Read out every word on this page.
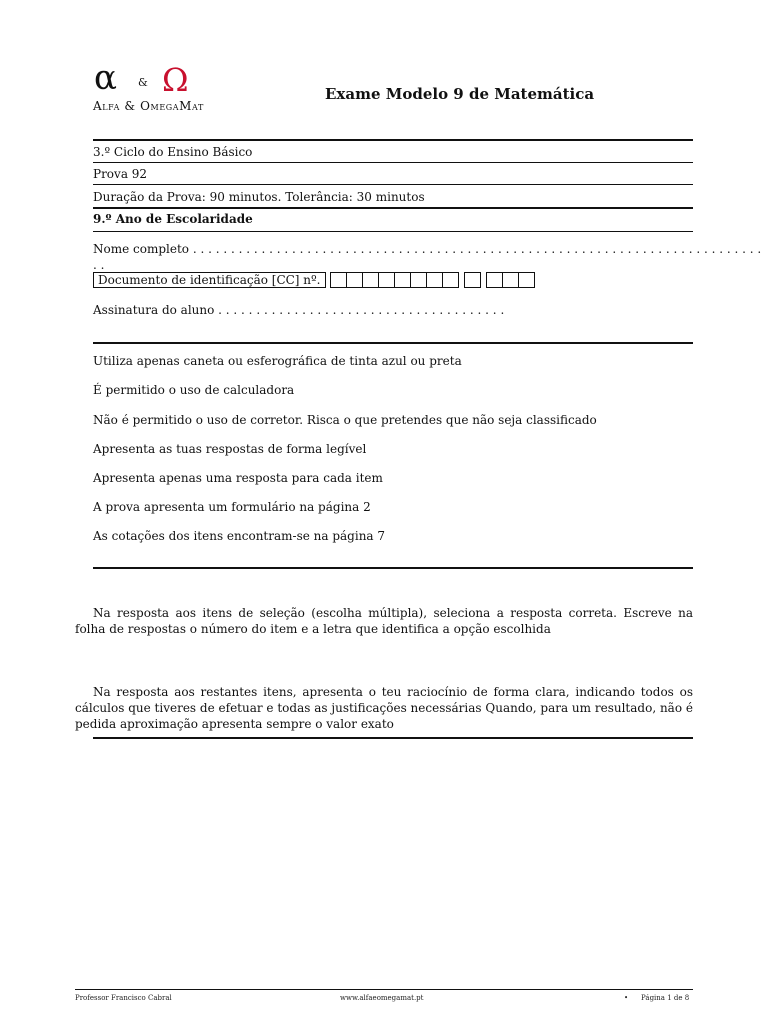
α & Ω
Alfa & OmegaMat
Exame Modelo 9 de Matemática
3.º Ciclo do Ensino Básico
Prova 92
Duração da Prova: 90 minutos. Tolerância: 30 minutos
9.º Ano de Escolaridade
Nome completo . . . . . . . . . . . . . . . . . . . . . . . . . . . . . . . . . . . . . . . . . . . . . . . . . . . . . . . . . . . . . . . . . . . . . . . . . . . . .
Documento de identificação [CC] nº.
Assinatura do aluno . . . . . . . . . . . . . . . . . . . . . . . . . . . . . . . . . . . . . .
Utiliza apenas caneta ou esferográfica de tinta azul ou preta
É permitido o uso de calculadora
Não é permitido o uso de corretor. Risca o que pretendes que não seja classificado
Apresenta as tuas respostas de forma legível
Apresenta apenas uma resposta para cada item
A prova apresenta um formulário na página 2
As cotações dos itens encontram-se na página 7
Na resposta aos itens de seleção (escolha múltipla), seleciona a resposta correta. Escreve na folha de respostas o número do item e a letra que identifica a opção escolhida
Na resposta aos restantes itens, apresenta o teu raciocínio de forma clara, indicando todos os cálculos que tiveres de efetuar e todas as justificações necessárias Quando, para um resultado, não é pedida aproximação apresenta sempre o valor exato
Professor Francisco Cabral	www.alfaeomegamat.pt	• Página 1 de 8
